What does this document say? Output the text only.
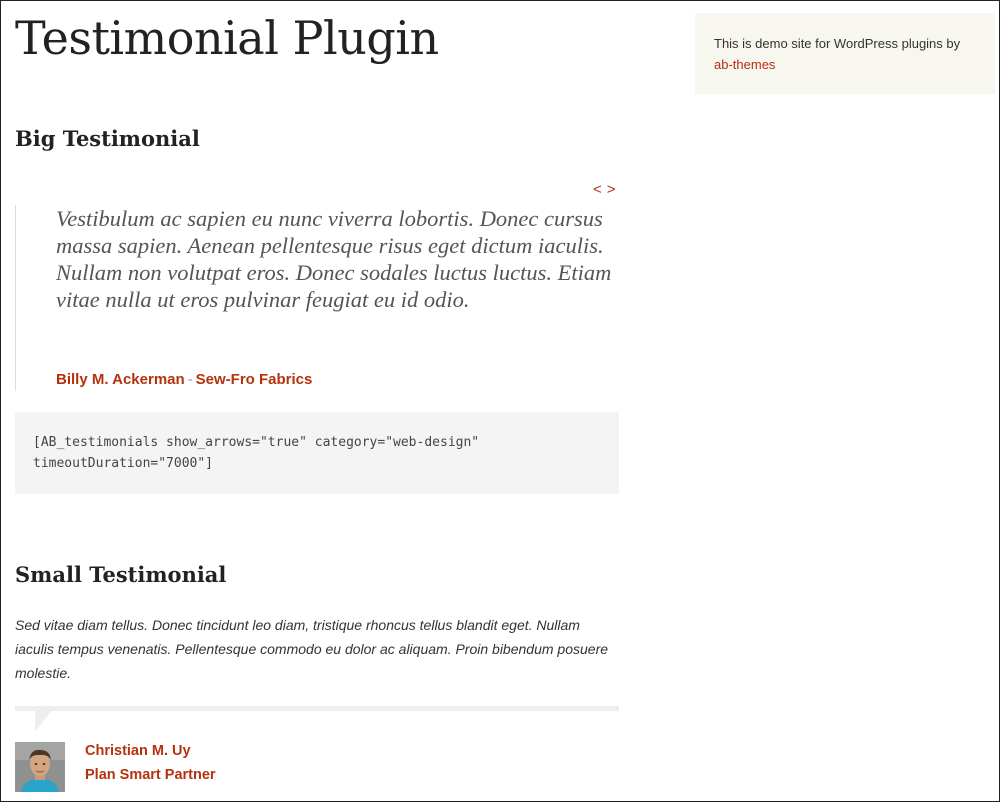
Testimonial Plugin
Big Testimonial
< >

Vestibulum ac sapien eu nunc viverra lobortis. Donec cursus massa sapien. Aenean pellentesque risus eget dictum iaculis. Nullam non volutpat eros. Donec sodales luctus luctus. Etiam vitae nulla ut eros pulvinar feugiat eu id odio.

Billy M. Ackerman - Sew-Fro Fabrics
[AB_testimonials show_arrows="true" category="web-design" timeoutDuration="7000"]
Small Testimonial

Sed vitae diam tellus. Donec tincidunt leo diam, tristique rhoncus tellus blandit eget. Nullam iaculis tempus venenatis. Pellentesque commodo eu dolor ac aliquam. Proin bibendum posuere molestie.

Christian M. Uy
Plan Smart Partner
This is demo site for WordPress plugins by
ab-themes
